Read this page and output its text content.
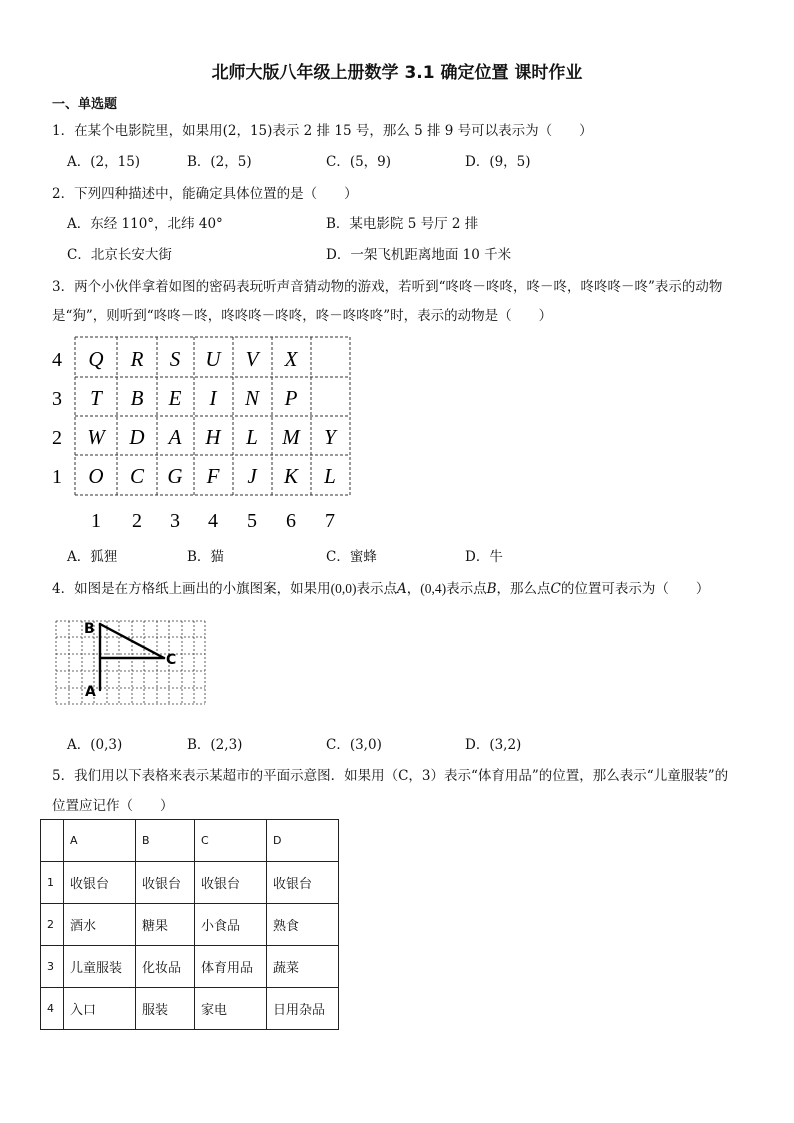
北师大版八年级上册数学 3.1 确定位置 课时作业
一、单选题
1．在某个电影院里，如果用(2，15)表示 2 排 15 号，那么 5 排 9 号可以表示为（　　）
A．(2，15)	B．(2，5)	C．(5，9)	D．(9，5)
2．下列四种描述中，能确定具体位置的是（　　）
A．东经 110°，北纬 40°	B．某电影院 5 号厅 2 排
C．北京长安大街	D．一架飞机距离地面 10 千米
3．两个小伙伴拿着如图的密码表玩听声音猜动物的游戏，若听到“咚咚－咚咚，咚－咚，咚咚咚－咚”表示的动物
是“狗”，则听到“咚咚－咚，咚咚咚－咚咚，咚－咚咚咚”时，表示的动物是（　　）
4 Q R S U V X
3 T B E I N P
2 W D A H L M Y
1 O C G F J K L
1 2 3 4 5 6 7
A．狐狸	B．猫	C．蜜蜂	D．牛
4．如图是在方格纸上画出的小旗图案，如果用(0,0)表示点A，(0,4)表示点B，那么点C的位置可表示为（　　）
B
C
A
A．(0,3)	B．(2,3)	C．(3,0)	D．(3,2)
5．我们用以下表格来表示某超市的平面示意图．如果用（C，3）表示“体育用品”的位置，那么表示“儿童服装”的
位置应记作（　　）
	A	B	C	D
1	收银台	收银台	收银台	收银台
2	酒水	糖果	小食品	熟食
3	儿童服装	化妆品	体育用品	蔬菜
4	入口	服装	家电	日用杂品
